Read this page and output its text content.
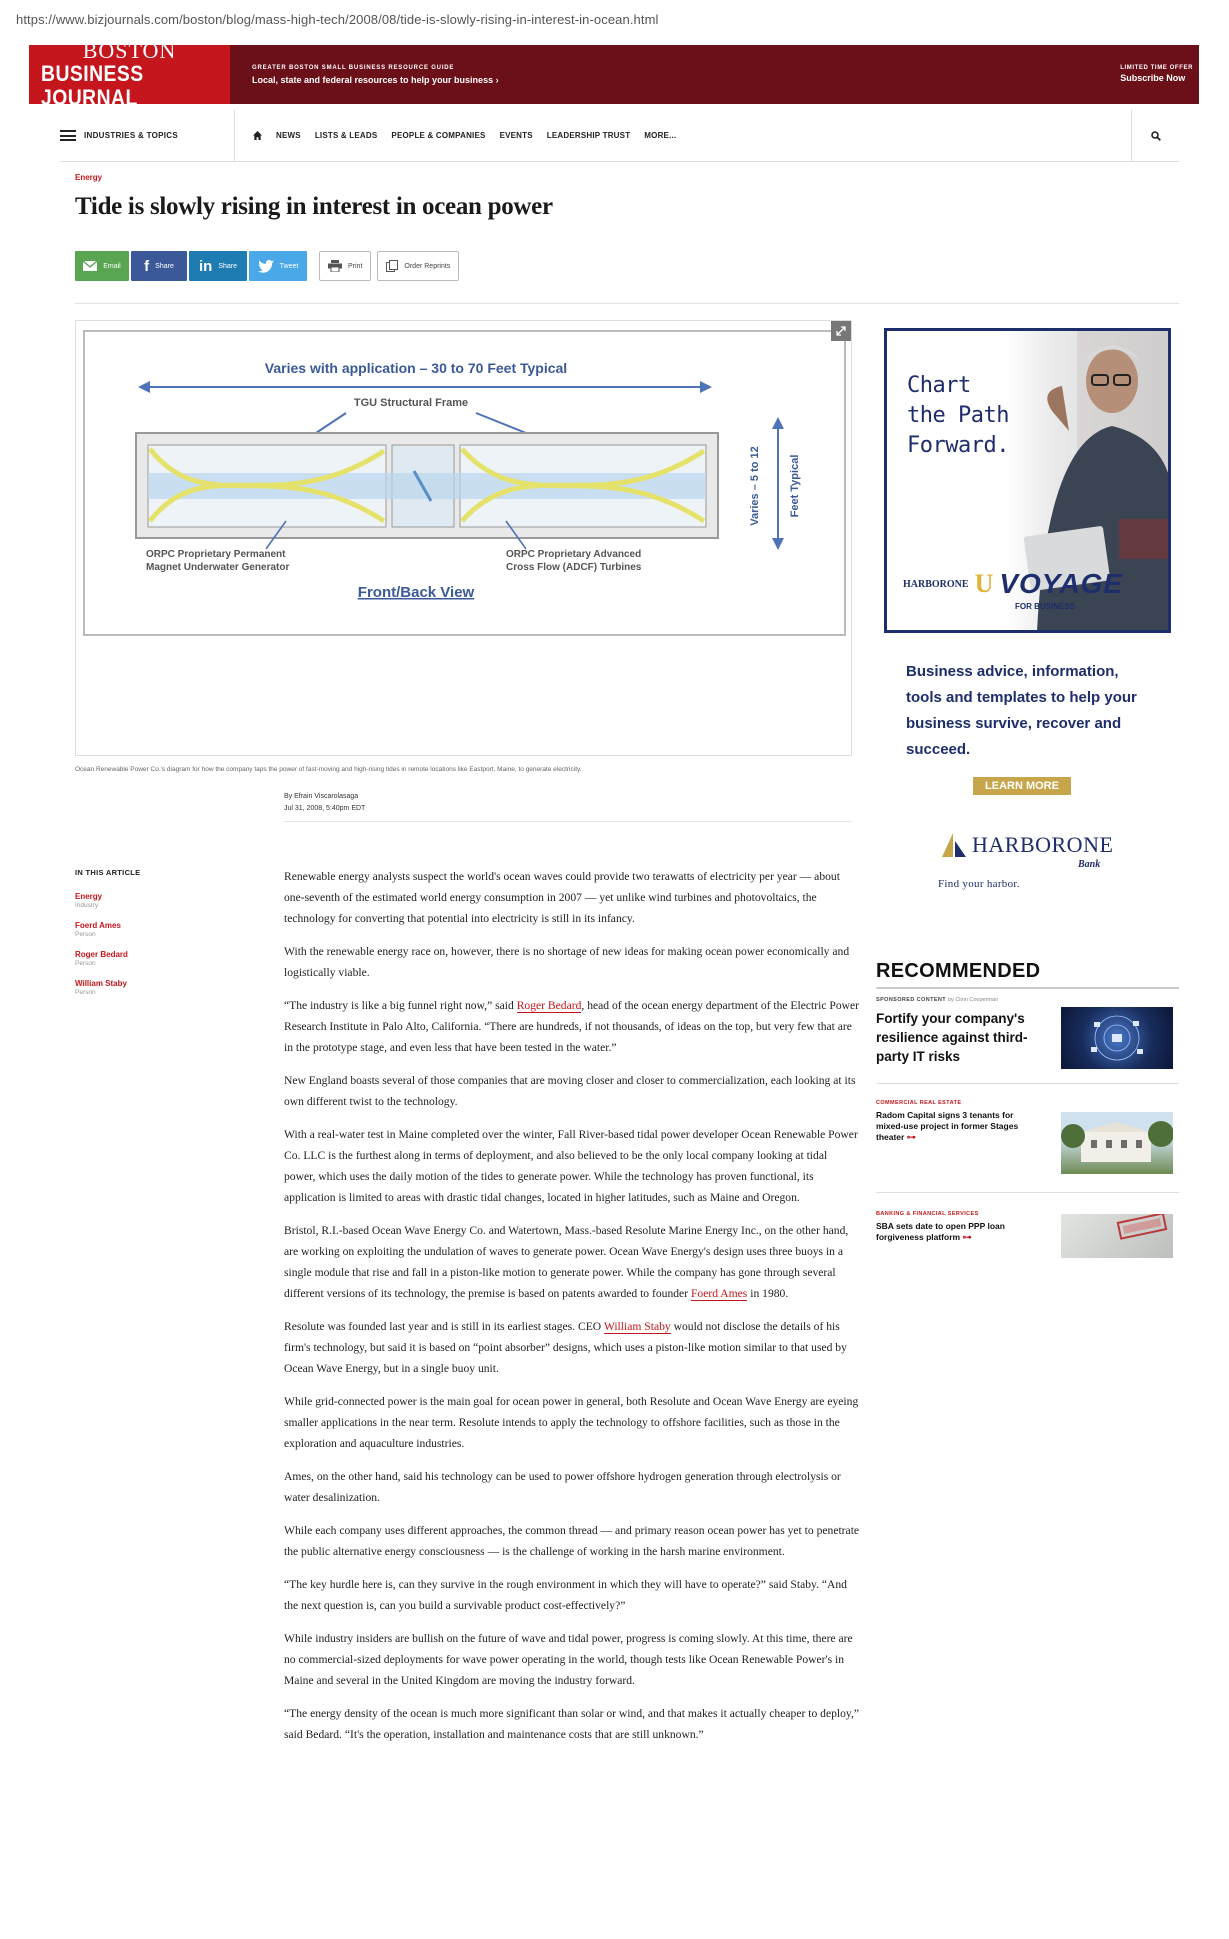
https://www.bizjournals.com/boston/blog/mass-high-tech/2008/08/tide-is-slowly-rising-in-interest-in-ocean.html
BOSTON
BUSINESS JOURNAL
GREATER BOSTON SMALL BUSINESS RESOURCE GUIDE
Local, state and federal resources to help your business ›
LIMITED TIME OFFER
Subscribe Now
INDUSTRIES & TOPICS	NEWS LISTS & LEADS PEOPLE & COMPANIES EVENTS LEADERSHIP TRUST MORE...
Energy
Tide is slowly rising in interest in ocean power
Email f Share in Share	Tweet	Print	Order Reprints
Varies with application – 30 to 70 Feet Typical
TGU Structural Frame
ORPC Proprietary Permanent
Magnet Underwater Generator
ORPC Proprietary Advanced
Cross Flow (ADCF) Turbines
Front/Back View
Varies – 5 to 12	Feet Typical
Ocean Renewable Power Co.'s diagram for how the company taps the power of fast-moving and high-rising tides in remote locations like Eastport, Maine, to generate electricity.
By Efrain Viscarolasaga
Jul 31, 2008, 5:40pm EDT
IN THIS ARTICLE
Energy
Industry
Foerd Ames
Person
Roger Bedard
Person
William Staby
Person

Renewable energy analysts suspect the world's ocean waves could provide two terawatts of electricity per year — about one-seventh of the estimated world energy consumption in 2007 — yet unlike wind turbines and photovoltaics, the technology for converting that potential into electricity is still in its infancy.

With the renewable energy race on, however, there is no shortage of new ideas for making ocean power economically and logistically viable.

“The industry is like a big funnel right now,” said Roger Bedard, head of the ocean energy department of the Electric Power Research Institute in Palo Alto, California. “There are hundreds, if not thousands, of ideas on the top, but very few that are in the prototype stage, and even less that have been tested in the water.”

New England boasts several of those companies that are moving closer and closer to commercialization, each looking at its own different twist to the technology.

With a real-water test in Maine completed over the winter, Fall River-based tidal power developer Ocean Renewable Power Co. LLC is the furthest along in terms of deployment, and also believed to be the only local company looking at tidal power, which uses the daily motion of the tides to generate power. While the technology has proven functional, its application is limited to areas with drastic tidal changes, located in higher latitudes, such as Maine and Oregon.

Bristol, R.I.-based Ocean Wave Energy Co. and Watertown, Mass.-based Resolute Marine Energy Inc., on the other hand, are working on exploiting the undulation of waves to generate power. Ocean Wave Energy's design uses three buoys in a single module that rise and fall in a piston-like motion to generate power. While the company has gone through several different versions of its technology, the premise is based on patents awarded to founder Foerd Ames in 1980.

Resolute was founded last year and is still in its earliest stages. CEO William Staby would not disclose the details of his firm's technology, but said it is based on “point absorber” designs, which uses a piston-like motion similar to that used by Ocean Wave Energy, but in a single buoy unit.

While grid-connected power is the main goal for ocean power in general, both Resolute and Ocean Wave Energy are eyeing smaller applications in the near term. Resolute intends to apply the technology to offshore facilities, such as those in the exploration and aquaculture industries.

Ames, on the other hand, said his technology can be used to power offshore hydrogen generation through electrolysis or water desalinization.

While each company uses different approaches, the common thread — and primary reason ocean power has yet to penetrate the public alternative energy consciousness — is the challenge of working in the harsh marine environment.

“The key hurdle here is, can they survive in the rough environment in which they will have to operate?” said Staby. “And the next question is, can you build a survivable product cost-effectively?”

While industry insiders are bullish on the future of wave and tidal power, progress is coming slowly. At this time, there are no commercial-sized deployments for wave power operating in the world, though tests like Ocean Renewable Power's in Maine and several in the United Kingdom are moving the industry forward.

“The energy density of the ocean is much more significant than solar or wind, and that makes it actually cheaper to deploy,” said Bedard. “It's the operation, installation and maintenance costs that are still unknown.”

Chart
the Path
Forward.
HARBORONE U VOYAGE
FOR BUSINESS
Business advice, information, tools and templates to help your business survive, recover and succeed.
LEARN MORE
HARBORONE
Bank
Find your harbor.
RECOMMENDED
SPONSORED CONTENT by Clinn Cooperman
Fortify your company's resilience against third-party IT risks
COMMERCIAL REAL ESTATE
Radom Capital signs 3 tenants for mixed-use project in former Stages theater ⊶
BANKING & FINANCIAL SERVICES
SBA sets date to open PPP loan forgiveness platform ⊶
